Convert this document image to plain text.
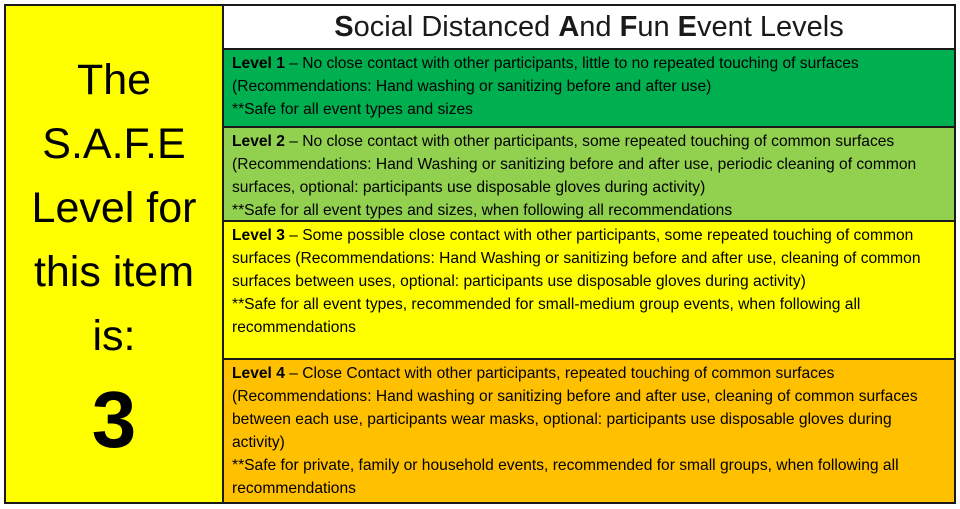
The
S.A.F.E
Level for
this item
is:
3
Social Distanced And Fun Event Levels
Level 1 – No close contact with other participants, little to no repeated touching of surfaces (Recommendations: Hand washing or sanitizing before and after use)
**Safe for all event types and sizes
Level 2 – No close contact with other participants, some repeated touching of common surfaces (Recommendations: Hand Washing or sanitizing before and after use, periodic cleaning of common surfaces, optional: participants use disposable gloves during activity)
**Safe for all event types and sizes, when following all recommendations
Level 3 – Some possible close contact with other participants, some repeated touching of common surfaces (Recommendations: Hand Washing or sanitizing before and after use, cleaning of common surfaces between uses, optional: participants use disposable gloves during activity)
**Safe for all event types, recommended for small-medium group events, when following all recommendations
Level 4 – Close Contact with other participants, repeated touching of common surfaces (Recommendations: Hand washing or sanitizing before and after use, cleaning of common surfaces between each use, participants wear masks, optional: participants use disposable gloves during activity)
**Safe for private, family or household events, recommended for small groups, when following all recommendations
